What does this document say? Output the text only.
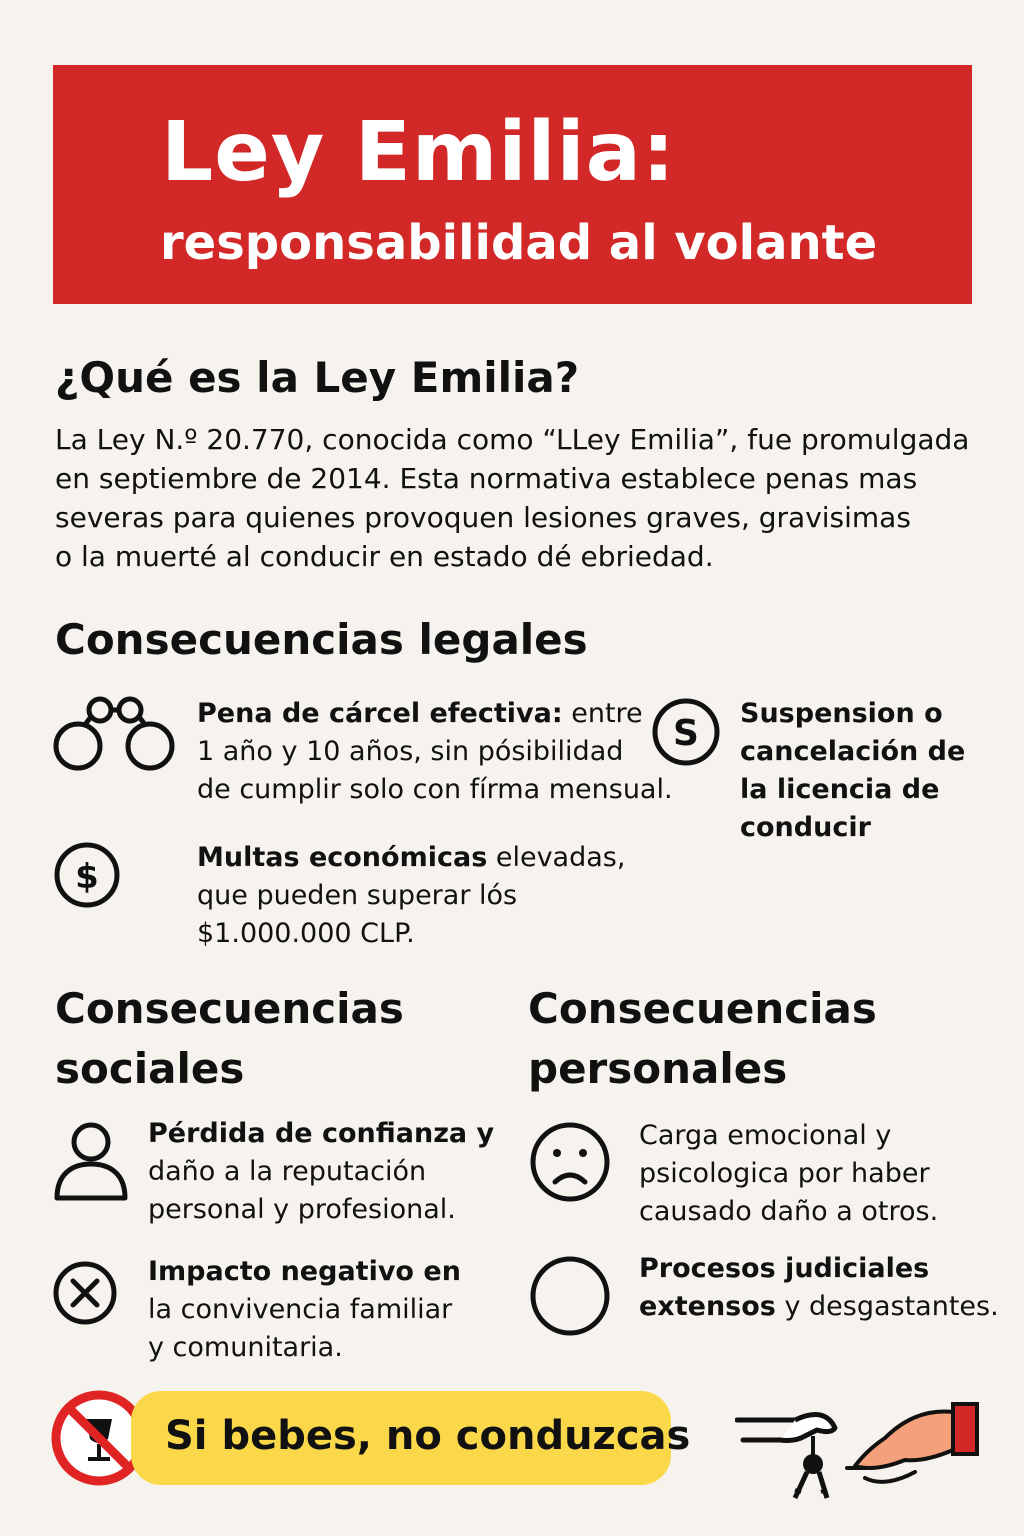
Ley Emilia:
responsabilidad al volante
¿Qué es la Ley Emilia?
La Ley N.º 20.770, conocida como “LLey Emilia”, fue promulgada
en septiembre de 2014. Esta normativa establece penas mas
severas para quienes provoquen lesiones graves, gravisimas
o la muerté al conducir en estado dé ebriedad.
Consecuencias legales
Pena de cárcel efectiva: entre
1 año y 10 años, sin pósibilidad
de cumplir solo con fírma mensual.
S Suspension o
cancelación de
la licencia de
conducir
$	Multas económicas elevadas,
que pueden superar lós
$1.000.000 CLP.
Consecuencias
sociales
Pérdida de confianza y
daño a la reputación
personal y profesional.
Impacto negativo en
la convivencia familiar
y comunitaria.
Consecuencias
personales
Carga emocional y
psicologica por haber
causado daño a otros.
Procesos judiciales
extensos y desgastantes.
Si bebes, no conduzcas
